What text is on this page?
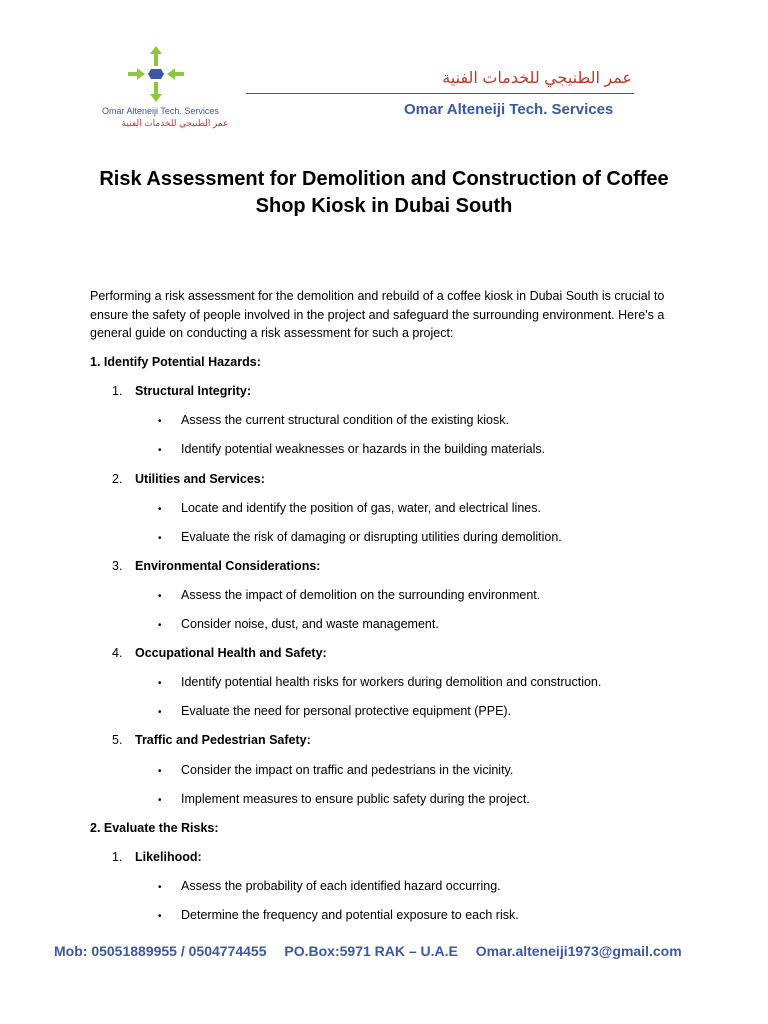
Omar Alteneiji Tech. Services
عمر الطنيجي للخدمات الفنية
عمر الطنيجي للخدمات الفنية
Omar Alteneiji Tech. Services
Risk Assessment for Demolition and Construction of Coffee
Shop Kiosk in Dubai South
Performing a risk assessment for the demolition and rebuild of a coffee kiosk in Dubai South is crucial to ensure the safety of people involved in the project and safeguard the surrounding environment. Here's a general guide on conducting a risk assessment for such a project:
1. Identify Potential Hazards:
1. Structural Integrity:
• Assess the current structural condition of the existing kiosk.
• Identify potential weaknesses or hazards in the building materials.
2. Utilities and Services:
• Locate and identify the position of gas, water, and electrical lines.
• Evaluate the risk of damaging or disrupting utilities during demolition.
3. Environmental Considerations:
• Assess the impact of demolition on the surrounding environment.
• Consider noise, dust, and waste management.
4. Occupational Health and Safety:
• Identify potential health risks for workers during demolition and construction.
• Evaluate the need for personal protective equipment (PPE).
5. Traffic and Pedestrian Safety:
• Consider the impact on traffic and pedestrians in the vicinity.
• Implement measures to ensure public safety during the project.
2. Evaluate the Risks:
1. Likelihood:
• Assess the probability of each identified hazard occurring.
• Determine the frequency and potential exposure to each risk.
Mob: 05051889955 / 0504774455 PO.Box:5971 RAK – U.A.E Omar.alteneiji1973@gmail.com
